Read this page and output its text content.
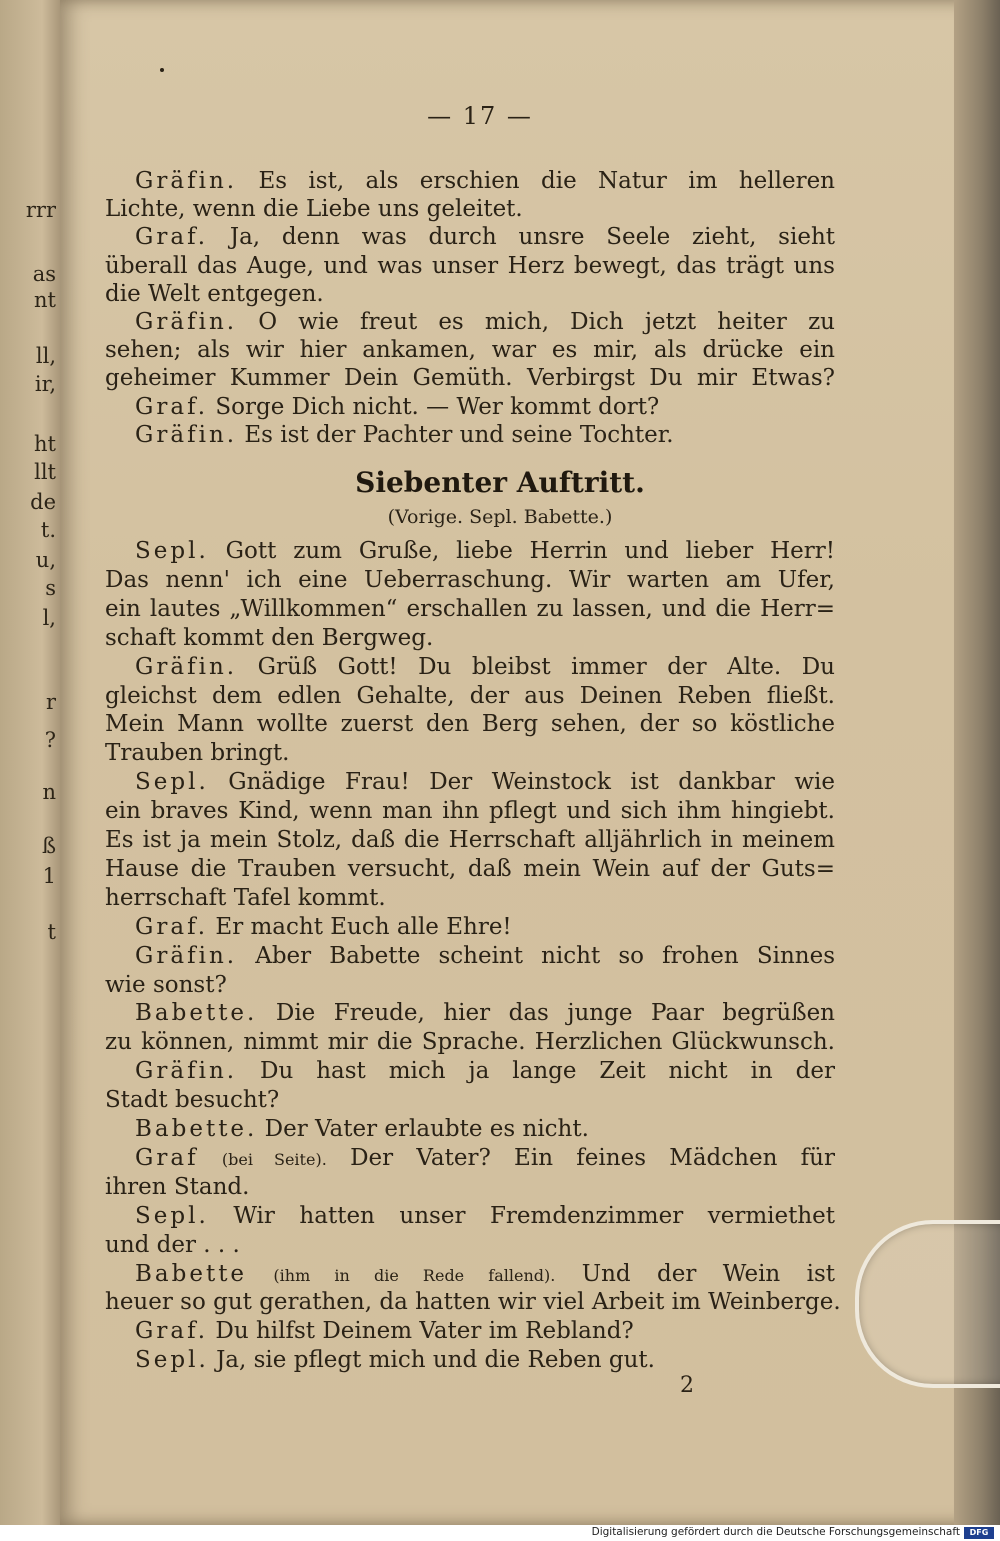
rrr
as
nt
ll,
ir,
ht
llt
de
t.
u,
s
l,
r
?
n
ß
1
t
— 17 —
Gräfin. Es ist, als erschien die Natur im helleren
Lichte, wenn die Liebe uns geleitet.
Graf. Ja, denn was durch unsre Seele zieht, sieht
überall das Auge, und was unser Herz bewegt, das trägt uns
die Welt entgegen.
Gräfin. O wie freut es mich, Dich jetzt heiter zu
sehen; als wir hier ankamen, war es mir, als drücke ein
geheimer Kummer Dein Gemüth. Verbirgst Du mir Etwas?
Graf. Sorge Dich nicht. — Wer kommt dort?
Gräfin. Es ist der Pachter und seine Tochter.
Siebenter Auftritt.
(Vorige. Sepl. Babette.)
Sepl. Gott zum Gruße, liebe Herrin und lieber Herr!
Das nenn' ich eine Ueberraschung. Wir warten am Ufer,
ein lautes „Willkommen“ erschallen zu lassen, und die Herr=
schaft kommt den Bergweg.
Gräfin. Grüß Gott! Du bleibst immer der Alte. Du
gleichst dem edlen Gehalte, der aus Deinen Reben fließt.
Mein Mann wollte zuerst den Berg sehen, der so köstliche
Trauben bringt.
Sepl. Gnädige Frau! Der Weinstock ist dankbar wie
ein braves Kind, wenn man ihn pflegt und sich ihm hingiebt.
Es ist ja mein Stolz, daß die Herrschaft alljährlich in meinem
Hause die Trauben versucht, daß mein Wein auf der Guts=
herrschaft Tafel kommt.
Graf. Er macht Euch alle Ehre!
Gräfin. Aber Babette scheint nicht so frohen Sinnes
wie sonst?
Babette. Die Freude, hier das junge Paar begrüßen
zu können, nimmt mir die Sprache. Herzlichen Glückwunsch.
Gräfin. Du hast mich ja lange Zeit nicht in der
Stadt besucht?
Babette. Der Vater erlaubte es nicht.
Graf (bei Seite). Der Vater? Ein feines Mädchen für
ihren Stand.
Sepl. Wir hatten unser Fremdenzimmer vermiethet
und der . . .
Babette (ihm in die Rede fallend). Und der Wein ist
heuer so gut gerathen, da hatten wir viel Arbeit im Weinberge.
Graf. Du hilfst Deinem Vater im Rebland?
Sepl. Ja, sie pflegt mich und die Reben gut.
2
Digitalisierung gefördert durch die Deutsche Forschungsgemeinschaft	DFG
